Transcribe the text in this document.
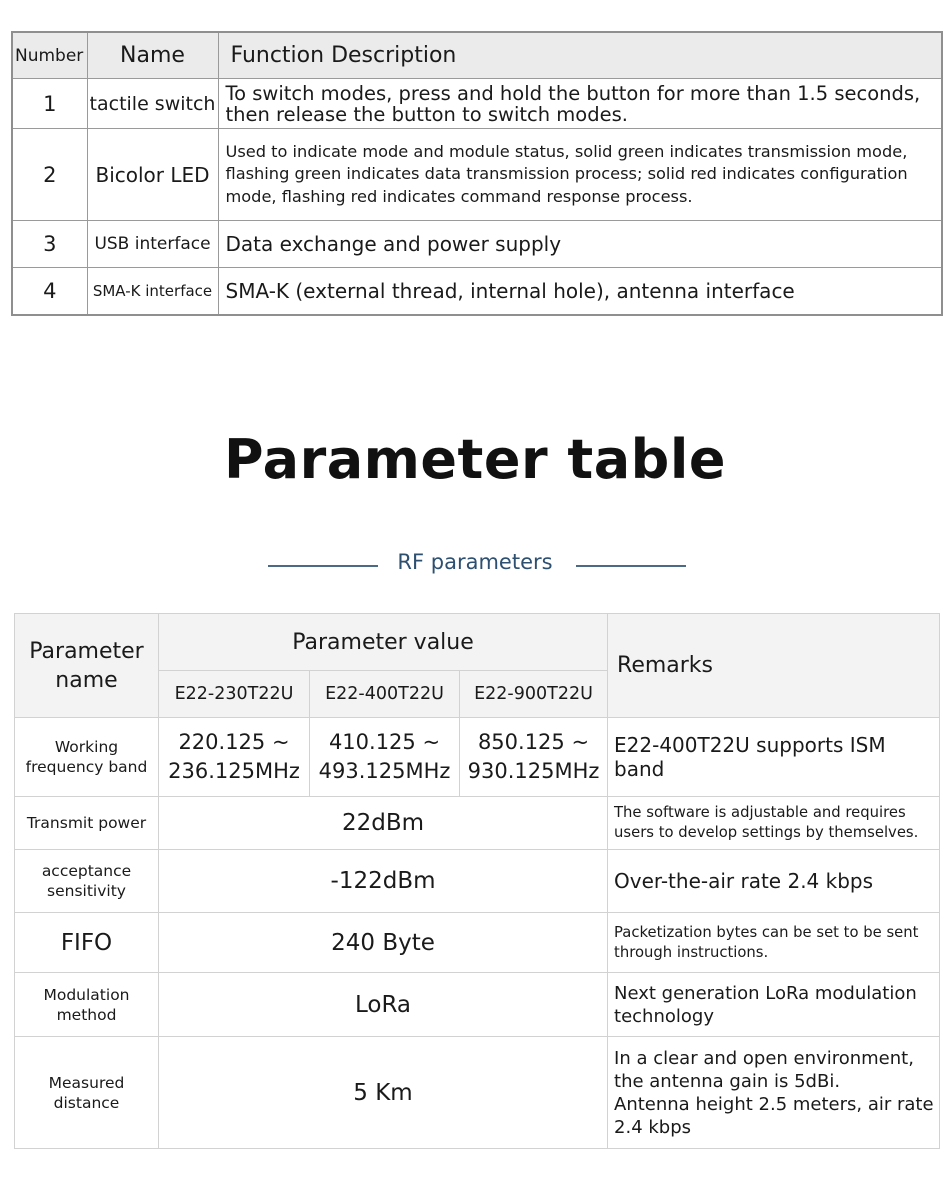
Number	Name	Function Description
1	tactile switch	To switch modes, press and hold the button for more than 1.5 seconds, then release the button to switch modes.
2	Bicolor LED	Used to indicate mode and module status, solid green indicates transmission mode, flashing green indicates data transmission process; solid red indicates configuration mode, flashing red indicates command response process.
3	USB interface	Data exchange and power supply
4	SMA-K interface	SMA-K (external thread, internal hole), antenna interface
Parameter table
RF parameters
Parameter name	Parameter value			Remarks
	E22-230T22U	E22-400T22U	E22-900T22U	
Working frequency band	220.125 ~ 236.125MHz	410.125 ~ 493.125MHz	850.125 ~ 930.125MHz	E22-400T22U supports ISM band
Transmit power	22dBm			The software is adjustable and requires users to develop settings by themselves.
acceptance sensitivity	-122dBm			Over-the-air rate 2.4 kbps
FIFO	240 Byte			Packetization bytes can be set to be sent through instructions.
Modulation method	LoRa			Next generation LoRa modulation technology
Measured distance	5 Km			In a clear and open environment, the antenna gain is 5dBi.
Antenna height 2.5 meters, air rate 2.4 kbps
